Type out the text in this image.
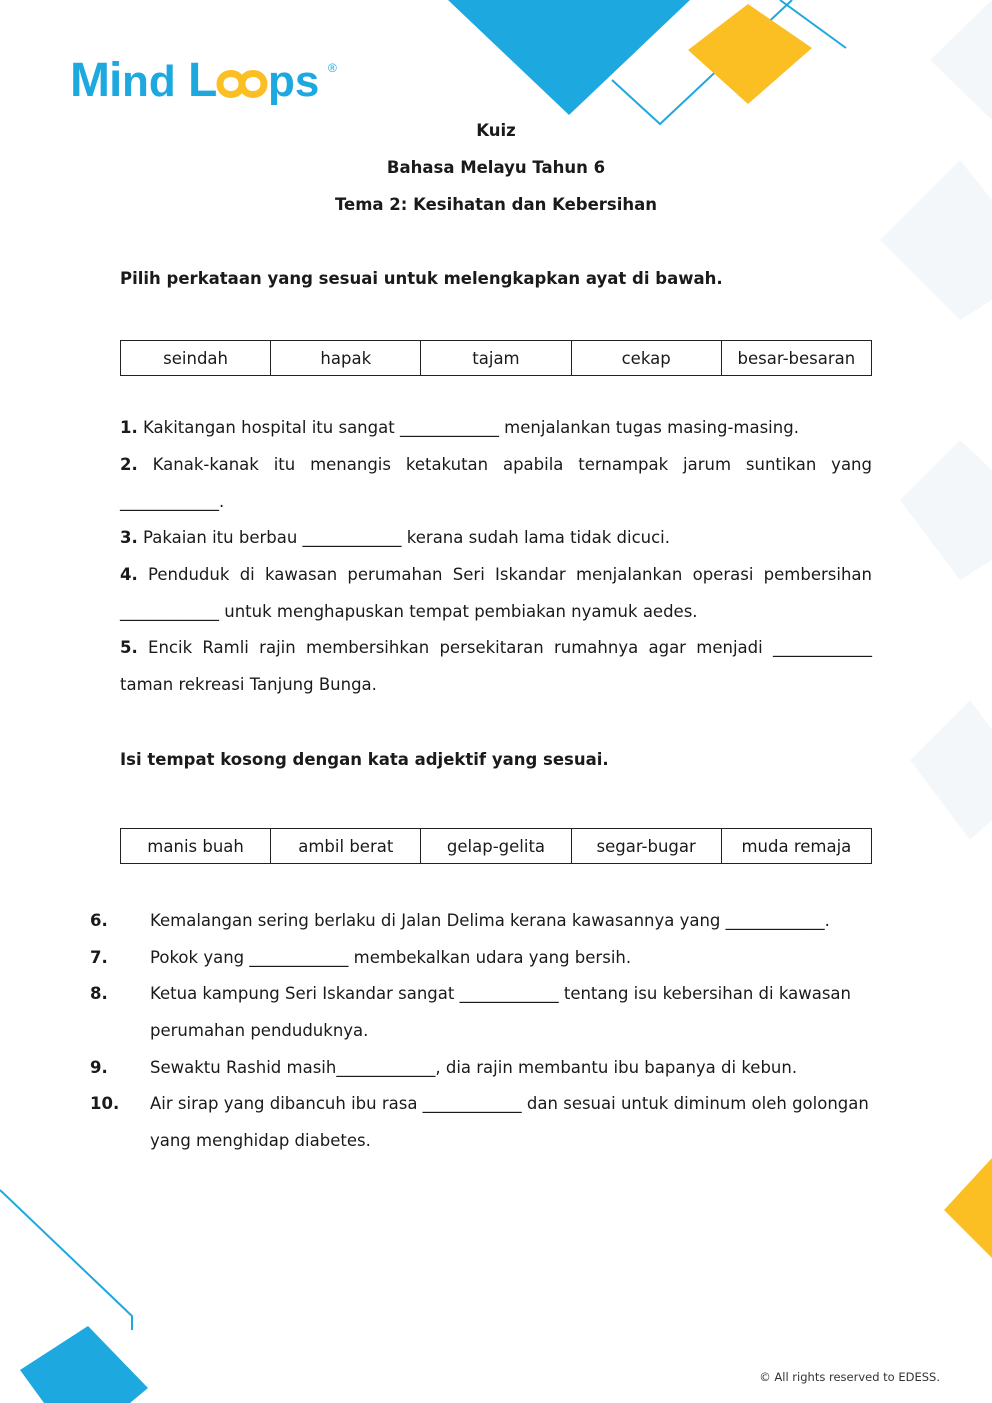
Mi nd L ps ®
Kuiz
Bahasa Melayu Tahun 6
Tema 2: Kesihatan dan Kebersihan
Pilih perkataan yang sesuai untuk melengkapkan ayat di bawah.
seindah	hapak	tajam	cekap	besar-besaran
1. Kakitangan hospital itu sangat ____________ menjalankan tugas masing-masing.
2. Kanak-kanak itu menangis ketakutan apabila ternampak jarum suntikan yang ____________.
3. Pakaian itu berbau ____________ kerana sudah lama tidak dicuci.
4. Penduduk di kawasan perumahan Seri Iskandar menjalankan operasi pembersihan ____________ untuk menghapuskan tempat pembiakan nyamuk aedes.
5. Encik Ramli rajin membersihkan persekitaran rumahnya agar menjadi ____________ taman rekreasi Tanjung Bunga.
Isi tempat kosong dengan kata adjektif yang sesuai.
manis buah	ambil berat	gelap-gelita	segar-bugar	muda remaja
6.	Kemalangan sering berlaku di Jalan Delima kerana kawasannya yang ____________.
7.	Pokok yang ____________ membekalkan udara yang bersih.
8.	Ketua kampung Seri Iskandar sangat ____________ tentang isu kebersihan di kawasan perumahan penduduknya.
9.	Sewaktu Rashid masih____________, dia rajin membantu ibu bapanya di kebun.
10. Air sirap yang dibancuh ibu rasa ____________ dan sesuai untuk diminum oleh golongan yang menghidap diabetes.
© All rights reserved to EDESS.
